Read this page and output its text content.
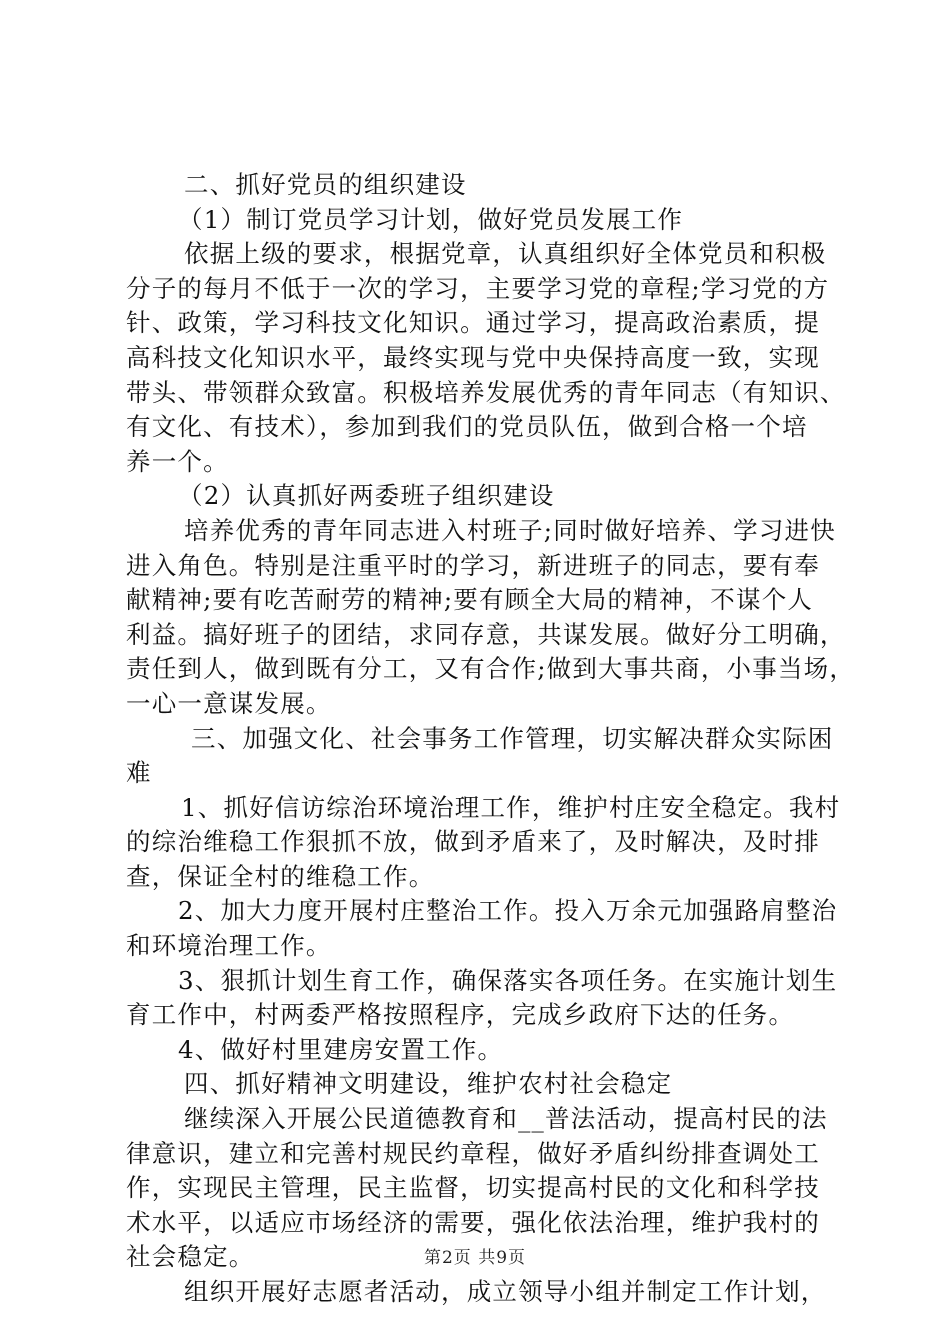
二、抓好党员的组织建设
（1）制订党员学习计划，做好党员发展工作
依据上级的要求，根据党章，认真组织好全体党员和积极
分子的每月不低于一次的学习，主要学习党的章程;学习党的方
针、政策，学习科技文化知识。通过学习，提高政治素质，提
高科技文化知识水平，最终实现与党中央保持高度一致，实现
带头、带领群众致富。积极培养发展优秀的青年同志（有知识、
有文化、有技术），参加到我们的党员队伍，做到合格一个培
养一个。
（2）认真抓好两委班子组织建设
培养优秀的青年同志进入村班子;同时做好培养、学习进快
进入角色。特别是注重平时的学习，新进班子的同志，要有奉
献精神;要有吃苦耐劳的精神;要有顾全大局的精神，不谋个人
利益。搞好班子的团结，求同存意，共谋发展。做好分工明确，
责任到人，做到既有分工，又有合作;做到大事共商，小事当场，
一心一意谋发展。
三、加强文化、社会事务工作管理，切实解决群众实际困
难
1、抓好信访综治环境治理工作，维护村庄安全稳定。我村
的综治维稳工作狠抓不放，做到矛盾来了，及时解决，及时排
查，保证全村的维稳工作。
2、加大力度开展村庄整治工作。投入万余元加强路肩整治
和环境治理工作。
3、狠抓计划生育工作，确保落实各项任务。在实施计划生
育工作中，村两委严格按照程序，完成乡政府下达的任务。
4、做好村里建房安置工作。
四、抓好精神文明建设，维护农村社会稳定
继续深入开展公民道德教育和__普法活动，提高村民的法
律意识，建立和完善村规民约章程，做好矛盾纠纷排查调处工
作，实现民主管理，民主监督，切实提高村民的文化和科学技
术水平，以适应市场经济的需要，强化依法治理，维护我村的
社会稳定。
组织开展好志愿者活动，成立领导小组并制定工作计划，
第2页 共9页
